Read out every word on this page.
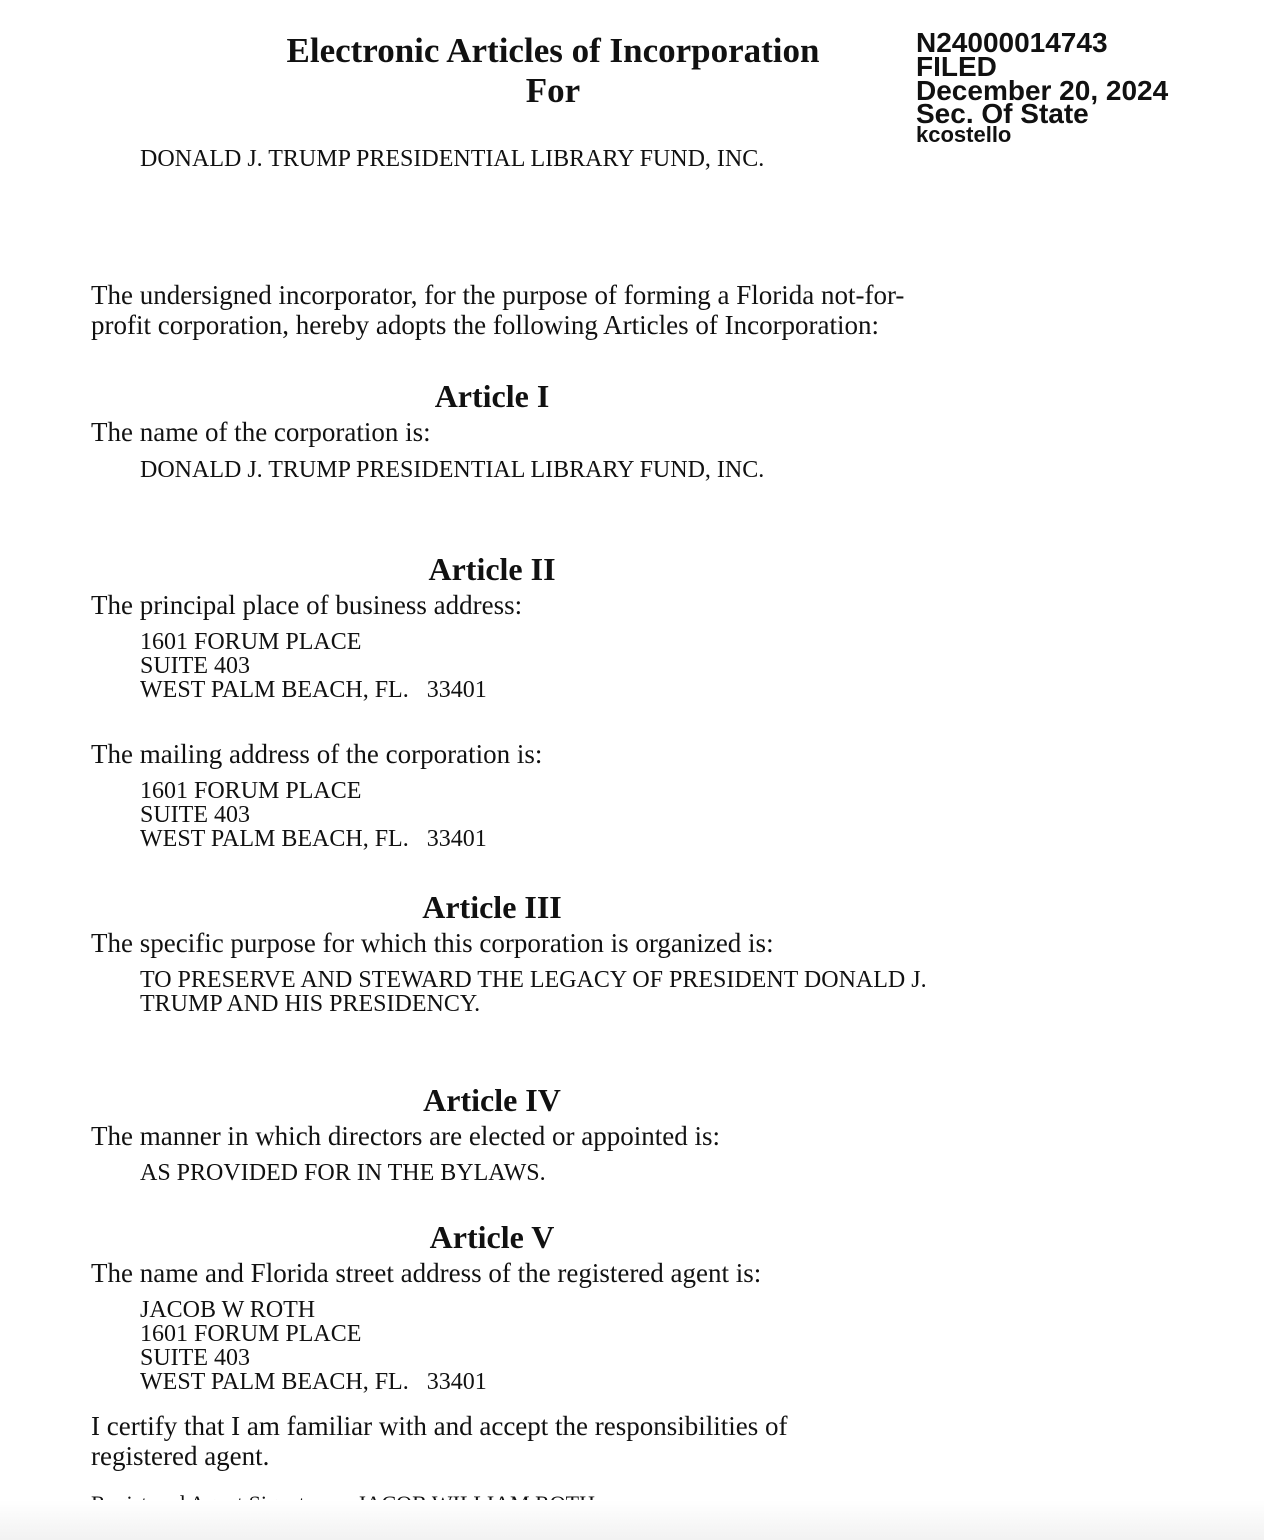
Electronic Articles of Incorporation
For
N24000014743
FILED
December 20, 2024
Sec. Of State
kcostello
DONALD J. TRUMP PRESIDENTIAL LIBRARY FUND, INC.
The undersigned incorporator, for the purpose of forming a Florida not-for-
profit corporation, hereby adopts the following Articles of Incorporation:
Article I
The name of the corporation is:
DONALD J. TRUMP PRESIDENTIAL LIBRARY FUND, INC.
Article II
The principal place of business address:
1601 FORUM PLACE
SUITE 403
WEST PALM BEACH, FL.   33401
The mailing address of the corporation is:
1601 FORUM PLACE
SUITE 403
WEST PALM BEACH, FL.   33401
Article III
The specific purpose for which this corporation is organized is:
TO PRESERVE AND STEWARD THE LEGACY OF PRESIDENT DONALD J.
TRUMP AND HIS PRESIDENCY.
Article IV
The manner in which directors are elected or appointed is:
AS PROVIDED FOR IN THE BYLAWS.
Article V
The name and Florida street address of the registered agent is:
JACOB W ROTH
1601 FORUM PLACE
SUITE 403
WEST PALM BEACH, FL.   33401
I certify that I am familiar with and accept the responsibilities of
registered agent.
